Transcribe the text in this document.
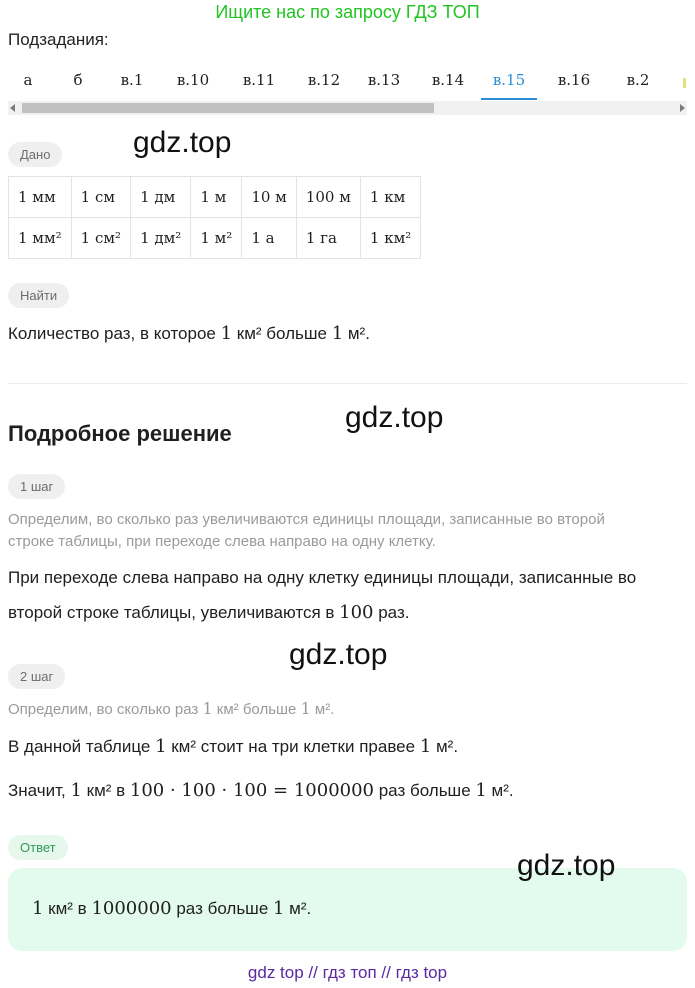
Ищите нас по запросу ГДЗ ТОП
Подзадания:
а	б	в.1	в.10 в.11 в.12 в.13 в.14	в.15	в.16	в.2
Дано	gdz.top
1 мм	1 см	1 дм	1 м	10 м	100 м	1 км
1 мм²	1 см²	1 дм²	1 м²	1 а	1 га	1 км²
Найти
Количество раз, в которое 1 км² больше 1 м².
gdz.top
Подробное решение
1 шаг
Определим, во сколько раз увеличиваются единицы площади, записанные во второй
строке таблицы, при переходе слева направо на одну клетку.
При переходе слева направо на одну клетку единицы площади, записанные во
второй строке таблицы, увеличиваются в 100 раз.
gdz.top
2 шаг
Определим, во сколько раз 1 км² больше 1 м².
В данной таблице 1 км² стоит на три клетки правее 1 м².
Значит, 1 км² в 100 · 100 · 100 = 1000000 раз больше 1 м².
Ответ
1 км² в 1000000 раз больше 1 м².
gdz.top
gdz top // гдз топ // гдз top
